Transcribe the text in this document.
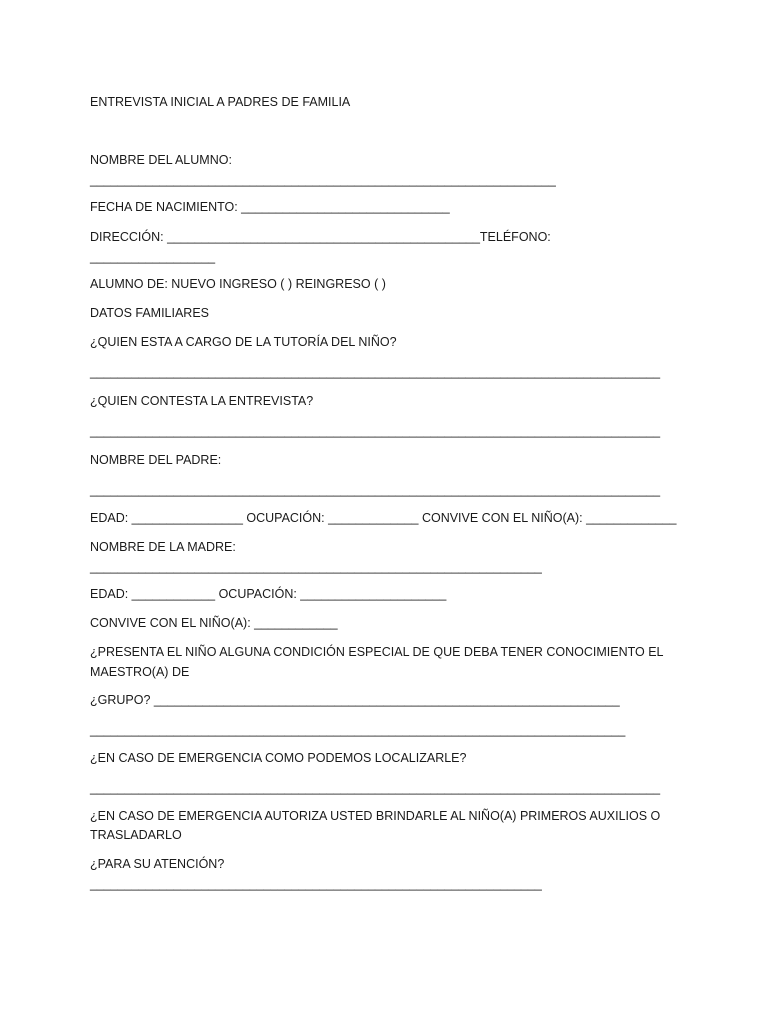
ENTREVISTA INICIAL A PADRES DE FAMILIA

NOMBRE DEL ALUMNO:

___________________________________________________________________

FECHA DE NACIMIENTO: ______________________________

DIRECCIÓN: _____________________________________________TELÉFONO:

__________________

ALUMNO DE: NUEVO INGRESO ( ) REINGRESO ( )

DATOS FAMILIARES

¿QUIEN ESTA A CARGO DE LA TUTORÍA DEL NIÑO?

__________________________________________________________________________________

¿QUIEN CONTESTA LA ENTREVISTA?

__________________________________________________________________________________

NOMBRE DEL PADRE:

__________________________________________________________________________________

EDAD: ________________ OCUPACIÓN: _____________ CONVIVE CON EL NIÑO(A): _____________

NOMBRE DE LA MADRE:

_________________________________________________________________

EDAD: ____________ OCUPACIÓN: _____________________

CONVIVE CON EL NIÑO(A): ____________

¿PRESENTA EL NIÑO ALGUNA CONDICIÓN ESPECIAL DE QUE DEBA TENER CONOCIMIENTO EL

MAESTRO(A) DE

¿GRUPO? ___________________________________________________________________

_____________________________________________________________________________

¿EN CASO DE EMERGENCIA COMO PODEMOS LOCALIZARLE?

__________________________________________________________________________________

¿EN CASO DE EMERGENCIA AUTORIZA USTED BRINDARLE AL NIÑO(A) PRIMEROS AUXILIOS O

TRASLADARLO

¿PARA SU ATENCIÓN?

_________________________________________________________________
